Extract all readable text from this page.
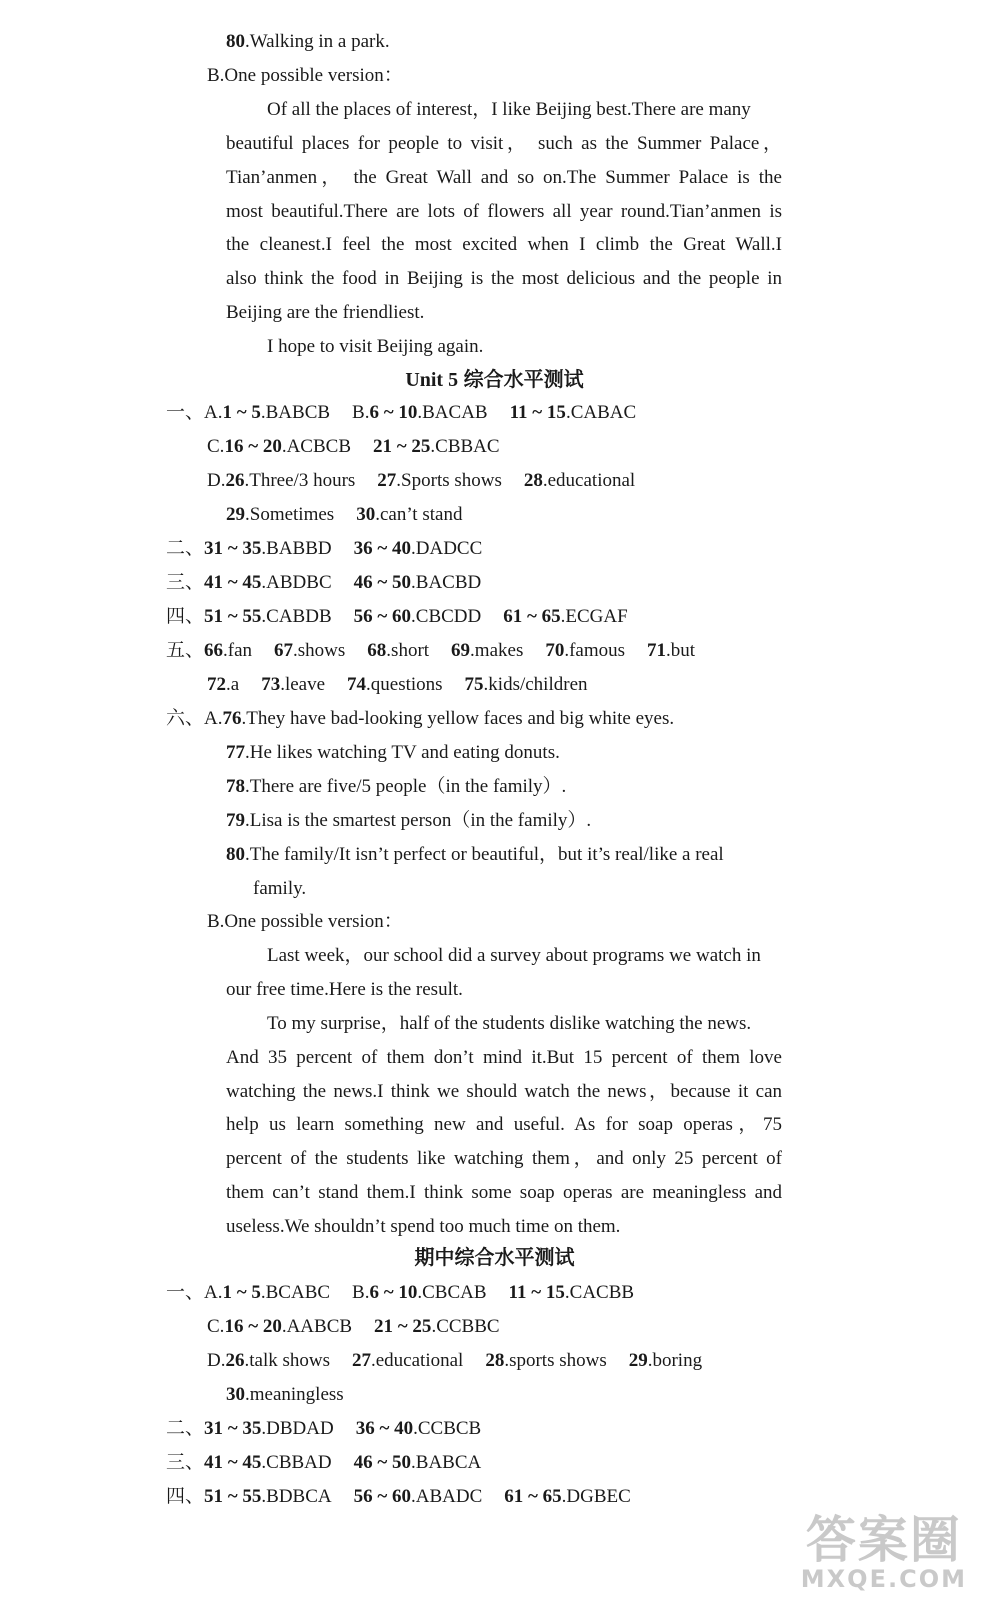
80.Walking in a park.
B.One possible version：
Of all the places of interest，I like Beijing best.There are many
beautiful places for people to visit， such as the Summer Palace，
Tian’anmen， the Great Wall and so on.The Summer Palace is the
most beautiful.There are lots of flowers all year round.Tian’anmen is
the cleanest.I feel the most excited when I climb the Great Wall.I
also think the food in Beijing is the most delicious and the people in
Beijing are the friendliest.
I hope to visit Beijing again.
Unit 5 综合水平测试
一、A.1 ~ 5.BABCB B.6 ~ 10.BACAB 11 ~ 15.CABAC
C.16 ~ 20.ACBCB 21 ~ 25.CBBAC
D.26.Three/3 hours 27.Sports shows 28.educational
29.Sometimes 30.can’t stand
二、31 ~ 35.BABBD 36 ~ 40.DADCC
三、41 ~ 45.ABDBC 46 ~ 50.BACBD
四、51 ~ 55.CABDB 56 ~ 60.CBCDD 61 ~ 65.ECGAF
五、66.fan 67.shows 68.short 69.makes 70.famous 71.but
72.a 73.leave 74.questions 75.kids/children
六、A.76.They have bad-looking yellow faces and big white eyes.
77.He likes watching TV and eating donuts.
78.There are five/5 people（in the family）.
79.Lisa is the smartest person（in the family）.
80.The family/It isn’t perfect or beautiful，but it’s real/like a real
family.
B.One possible version：
Last week，our school did a survey about programs we watch in
our free time.Here is the result.
To my surprise，half of the students dislike watching the news.
And 35 percent of them don’t mind it.But 15 percent of them love
watching the news.I think we should watch the news，because it can
help us learn something new and useful. As for soap operas，75
percent of the students like watching them，and only 25 percent of
them can’t stand them.I think some soap operas are meaningless and
useless.We shouldn’t spend too much time on them.
期中综合水平测试
一、A.1 ~ 5.BCABC B.6 ~ 10.CBCAB 11 ~ 15.CACBB
C.16 ~ 20.AABCB 21 ~ 25.CCBBC
D.26.talk shows 27.educational 28.sports shows 29.boring
30.meaningless
二、31 ~ 35.DBDAD 36 ~ 40.CCBCB
三、41 ~ 45.CBBAD 46 ~ 50.BABCA
四、51 ~ 55.BDBCA 56 ~ 60.ABADC 61 ~ 65.DGBEC
答案圈
MXQE.COM
